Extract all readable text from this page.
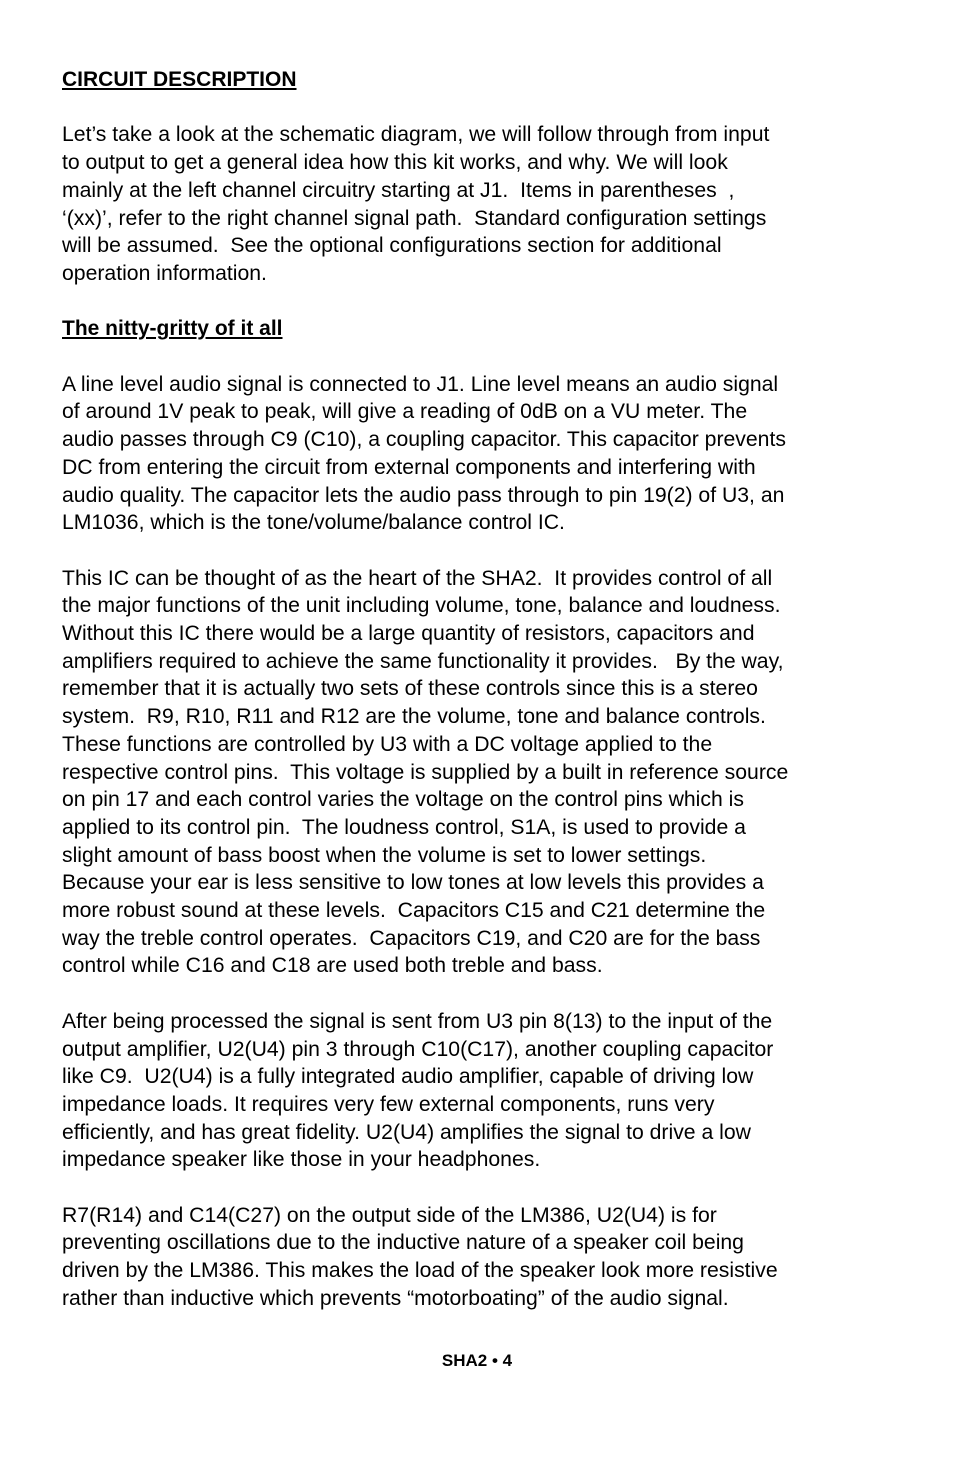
CIRCUIT DESCRIPTION

Let’s take a look at the schematic diagram, we will follow through from input
to output to get a general idea how this kit works, and why. We will look
mainly at the left channel circuitry starting at J1.  Items in parentheses  ,
‘(xx)’, refer to the right channel signal path.  Standard configuration settings
will be assumed.  See the optional configurations section for additional
operation information.

The nitty-gritty of it all

A line level audio signal is connected to J1. Line level means an audio signal
of around 1V peak to peak, will give a reading of 0dB on a VU meter. The
audio passes through C9 (C10), a coupling capacitor. This capacitor prevents
DC from entering the circuit from external components and interfering with
audio quality. The capacitor lets the audio pass through to pin 19(2) of U3, an
LM1036, which is the tone/volume/balance control IC.

This IC can be thought of as the heart of the SHA2.  It provides control of all
the major functions of the unit including volume, tone, balance and loudness.
Without this IC there would be a large quantity of resistors, capacitors and
amplifiers required to achieve the same functionality it provides.   By the way,
remember that it is actually two sets of these controls since this is a stereo
system.  R9, R10, R11 and R12 are the volume, tone and balance controls.
These functions are controlled by U3 with a DC voltage applied to the
respective control pins.  This voltage is supplied by a built in reference source
on pin 17 and each control varies the voltage on the control pins which is
applied to its control pin.  The loudness control, S1A, is used to provide a
slight amount of bass boost when the volume is set to lower settings.
Because your ear is less sensitive to low tones at low levels this provides a
more robust sound at these levels.  Capacitors C15 and C21 determine the
way the treble control operates.  Capacitors C19, and C20 are for the bass
control while C16 and C18 are used both treble and bass.

After being processed the signal is sent from U3 pin 8(13) to the input of the
output amplifier, U2(U4) pin 3 through C10(C17), another coupling capacitor
like C9.  U2(U4) is a fully integrated audio amplifier, capable of driving low
impedance loads. It requires very few external components, runs very
efficiently, and has great fidelity. U2(U4) amplifies the signal to drive a low
impedance speaker like those in your headphones.

R7(R14) and C14(C27) on the output side of the LM386, U2(U4) is for
preventing oscillations due to the inductive nature of a speaker coil being
driven by the LM386. This makes the load of the speaker look more resistive
rather than inductive which prevents “motorboating” of the audio signal.

SHA2 • 4
